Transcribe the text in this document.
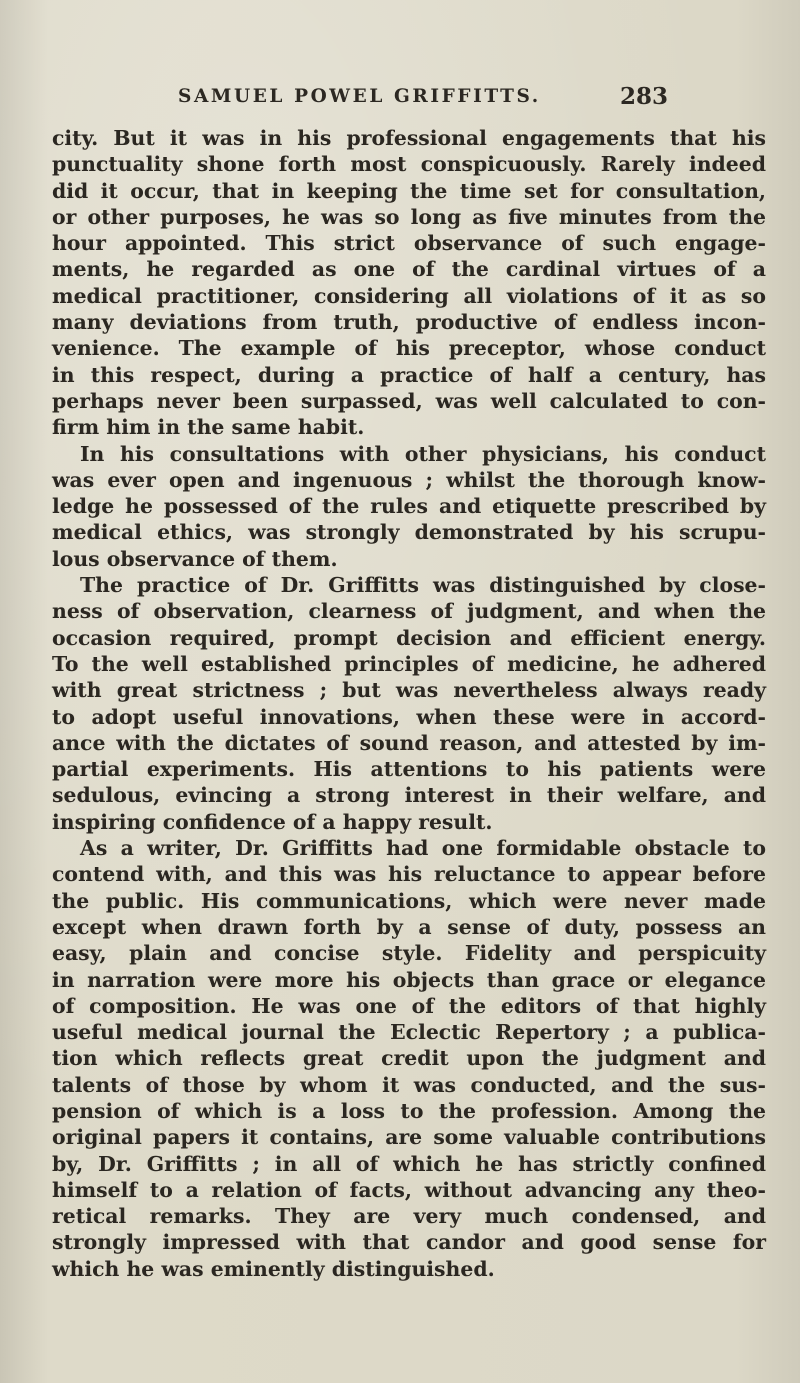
SAMUEL POWEL GRIFFITTS.	283
city. But it was in his professional engagements that his
punctuality shone forth most conspicuously. Rarely indeed
did it occur, that in keeping the time set for consultation,
or other purposes, he was so long as five minutes from the
hour appointed. This strict observance of such engage-
ments, he regarded as one of the cardinal virtues of a
medical practitioner, considering all violations of it as so
many deviations from truth, productive of endless incon-
venience. The example of his preceptor, whose conduct
in this respect, during a practice of half a century, has
perhaps never been surpassed, was well calculated to con-
firm him in the same habit.
In his consultations with other physicians, his conduct
was ever open and ingenuous ; whilst the thorough know-
ledge he possessed of the rules and etiquette prescribed by
medical ethics, was strongly demonstrated by his scrupu-
lous observance of them.
The practice of Dr. Griffitts was distinguished by close-
ness of observation, clearness of judgment, and when the
occasion required, prompt decision and efficient energy.
To the well established principles of medicine, he adhered
with great strictness ; but was nevertheless always ready
to adopt useful innovations, when these were in accord-
ance with the dictates of sound reason, and attested by im-
partial experiments. His attentions to his patients were
sedulous, evincing a strong interest in their welfare, and
inspiring confidence of a happy result.
As a writer, Dr. Griffitts had one formidable obstacle to
contend with, and this was his reluctance to appear before
the public. His communications, which were never made
except when drawn forth by a sense of duty, possess an
easy, plain and concise style. Fidelity and perspicuity
in narration were more his objects than grace or elegance
of composition. He was one of the editors of that highly
useful medical journal the Eclectic Repertory ; a publica-
tion which reflects great credit upon the judgment and
talents of those by whom it was conducted, and the sus-
pension of which is a loss to the profession. Among the
original papers it contains, are some valuable contributions
by, Dr. Griffitts ; in all of which he has strictly confined
himself to a relation of facts, without advancing any theo-
retical remarks. They are very much condensed, and
strongly impressed with that candor and good sense for
which he was eminently distinguished.
